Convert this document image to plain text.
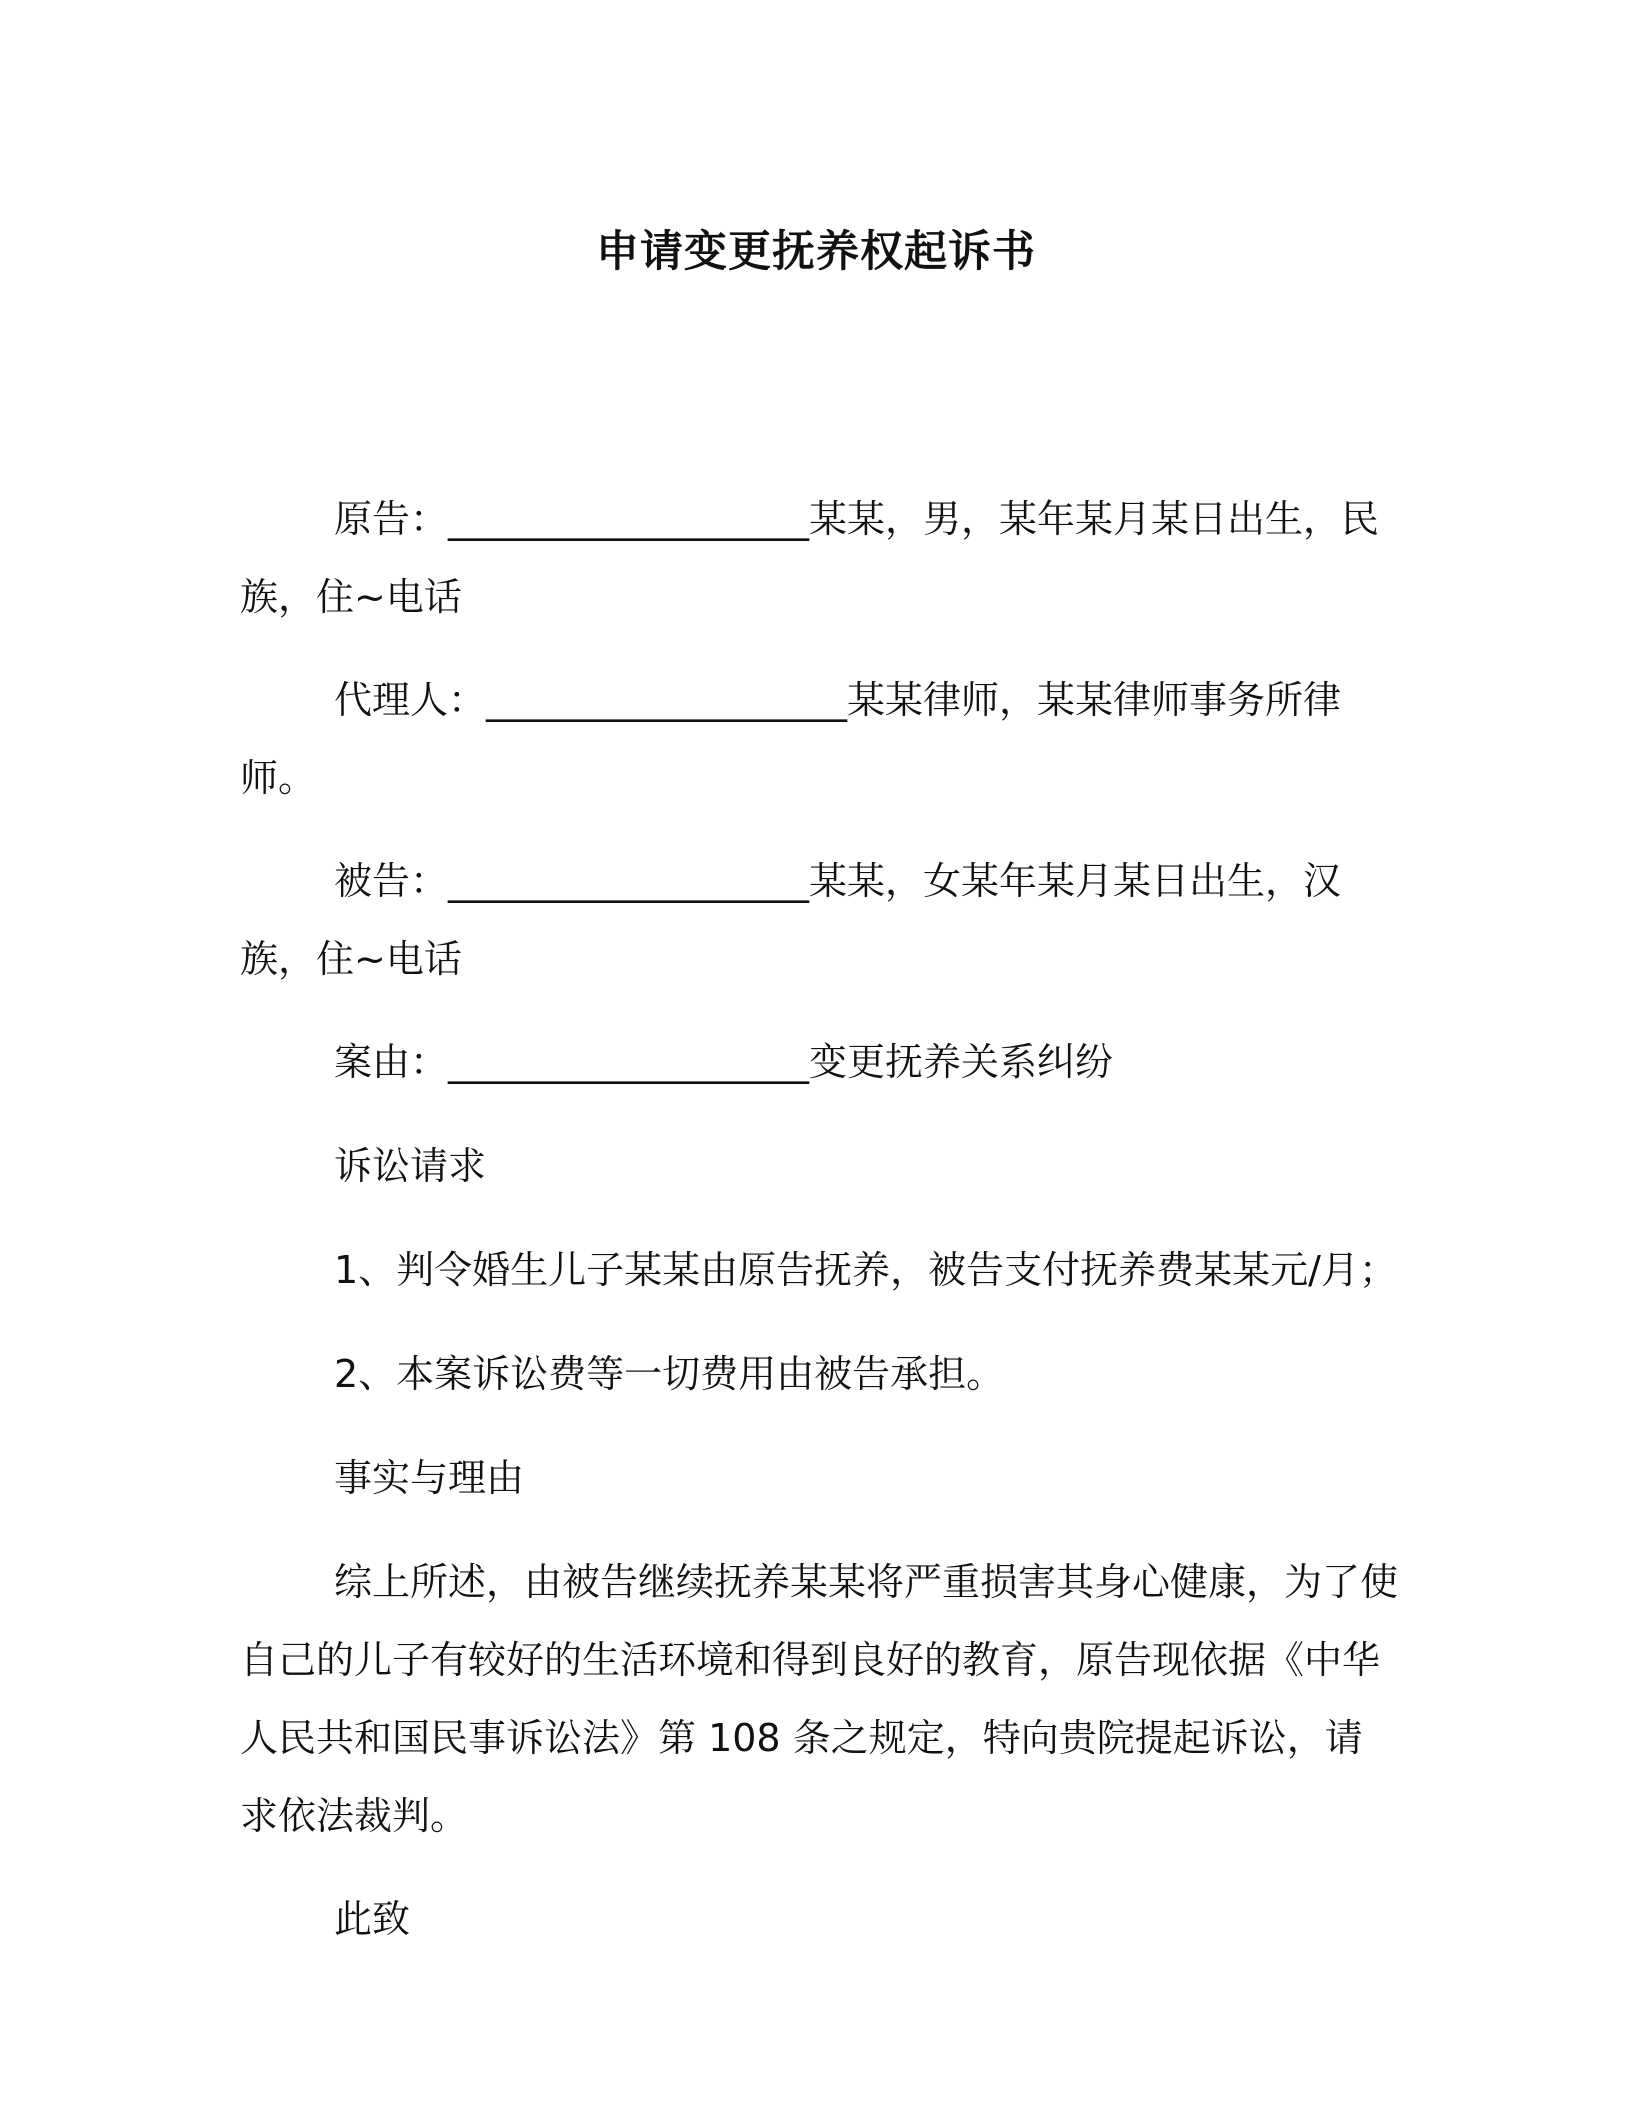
申请变更抚养权起诉书

原告：___________________某某，男，某年某月某日出生，民族，住~电话

代理人：___________________某某律师，某某律师事务所律师。

被告：___________________某某，女某年某月某日出生，汉族，住~电话

案由：___________________变更抚养关系纠纷

诉讼请求

1、判令婚生儿子某某由原告抚养，被告支付抚养费某某元/月；

2、本案诉讼费等一切费用由被告承担。

事实与理由

综上所述，由被告继续抚养某某将严重损害其身心健康，为了使自己的儿子有较好的生活环境和得到良好的教育，原告现依据《中华人民共和国民事诉讼法》第 108 条之规定，特向贵院提起诉讼，请求依法裁判。

此致
